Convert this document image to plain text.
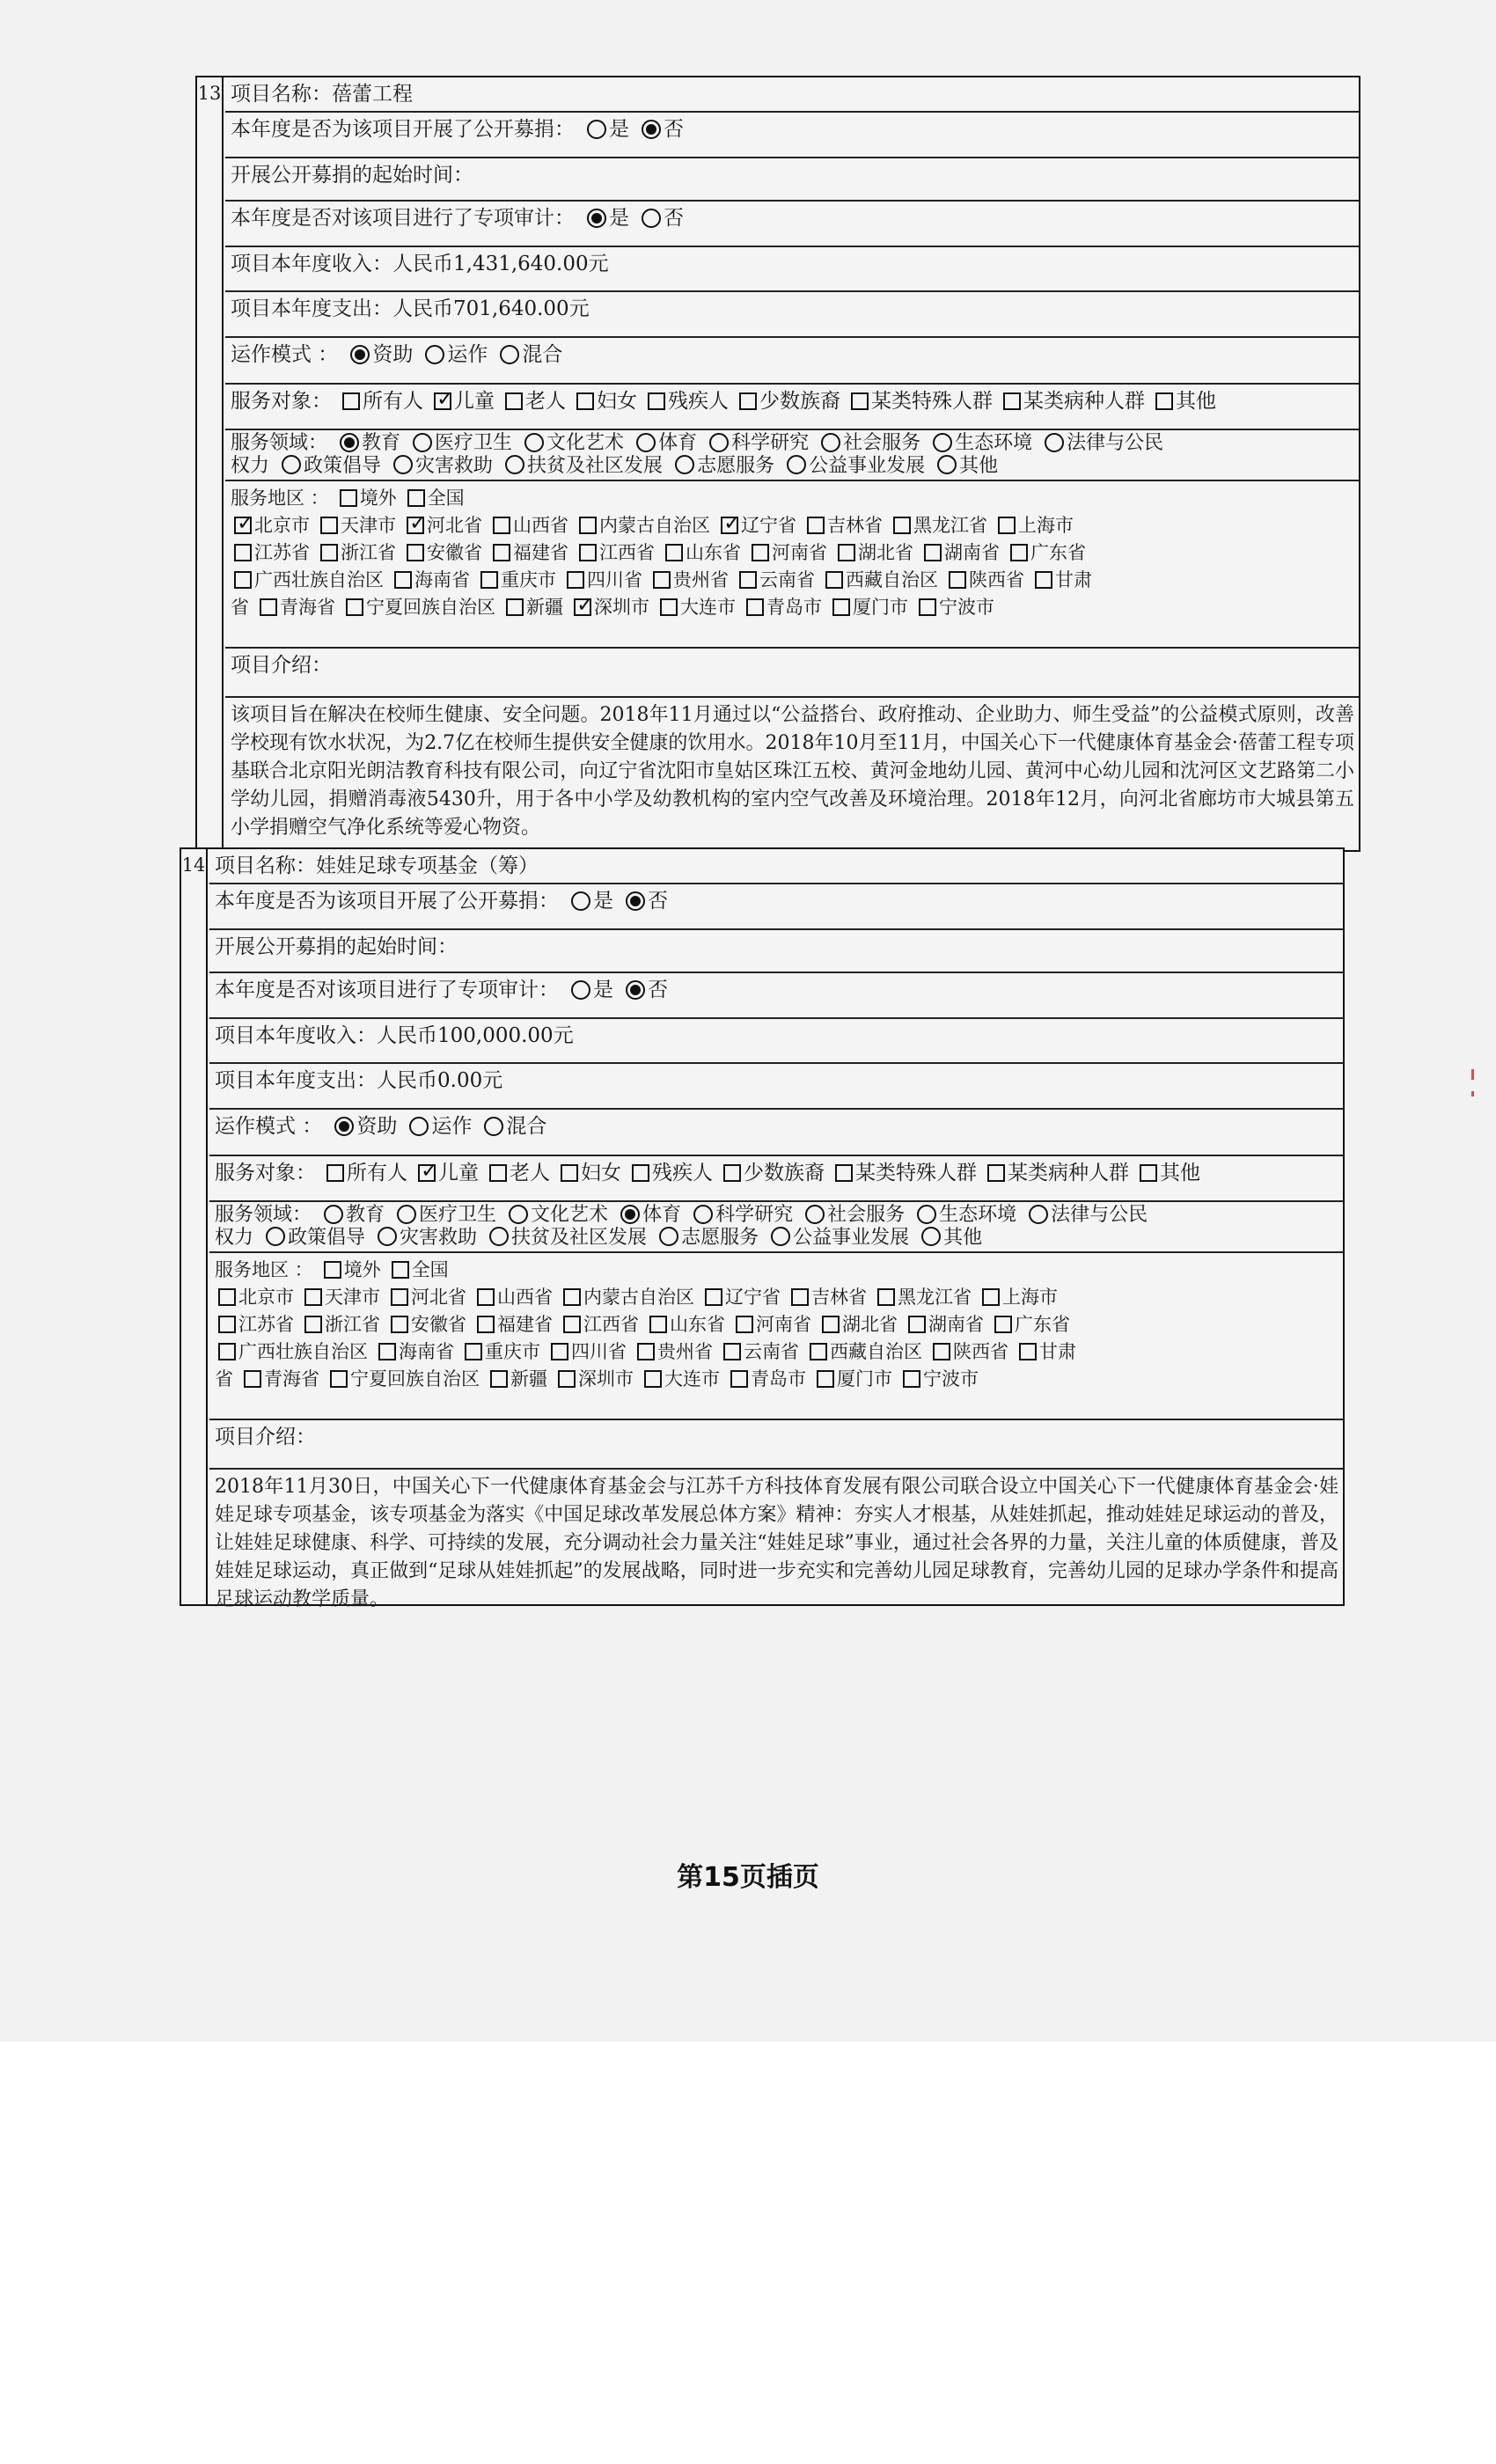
13 项目名称：蓓蕾工程
本年度是否为该项目开展了公开募捐： 是 否
开展公开募捐的起始时间：
本年度是否对该项目进行了专项审计： 是 否
项目本年度收入：人民币1,431,640.00元
项目本年度支出：人民币701,640.00元
运作模式 ： 资助 运作 混合
服务对象： 所有人 ✓ 儿童 老人 妇女 残疾人 少数族裔 某类特殊人群 某类病种人群 其他
服务领域： 教育 医疗卫生 文化艺术 体育 科学研究 社会服务 生态环境 法律与公民
权力 政策倡导 灾害救助 扶贫及社区发展 志愿服务 公益事业发展 其他
服务地区 ： 境外 全国
✓北京市 天津市 ✓ 河北省 山西省 内蒙古自治区 ✓ 辽宁省 吉林省 黑龙江省 上海市
江苏省 浙江省 安徽省 福建省 江西省 山东省 河南省 湖北省 湖南省 广东省
广西壮族自治区 海南省 重庆市 四川省 贵州省 云南省 西藏自治区 陕西省 甘肃
省 青海省 宁夏回族自治区 新疆 ✓ 深圳市 大连市 青岛市 厦门市 宁波市
项目介绍：
该项目旨在解决在校师生健康、安全问题。2018年11月通过以“公益搭台、政府推动、企业助力、师生受益”的公益模式原则，改善学校现有饮水状况，为2.7亿在校师生提供安全健康的饮用水。2018年10月至11月，中国关心下一代健康体育基金会·蓓蕾工程专项基联合北京阳光朗洁教育科技有限公司，向辽宁省沈阳市皇姑区珠江五校、黄河金地幼儿园、黄河中心幼儿园和沈河区文艺路第二小学幼儿园，捐赠消毒液5430升，用于各中小学及幼教机构的室内空气改善及环境治理。2018年12月，向河北省廊坊市大城县第五小学捐赠空气净化系统等爱心物资。
14 项目名称：娃娃足球专项基金（筹）
本年度是否为该项目开展了公开募捐： 是 否
开展公开募捐的起始时间：
本年度是否对该项目进行了专项审计： 是 否
项目本年度收入：人民币100,000.00元
项目本年度支出：人民币0.00元
运作模式 ： 资助 运作 混合
服务对象： 所有人 ✓ 儿童 老人 妇女 残疾人 少数族裔 某类特殊人群 某类病种人群 其他
服务领域： 教育 医疗卫生 文化艺术 体育 科学研究 社会服务 生态环境 法律与公民
权力 政策倡导 灾害救助 扶贫及社区发展 志愿服务 公益事业发展 其他
服务地区 ： 境外 全国
北京市 天津市 河北省 山西省 内蒙古自治区 辽宁省 吉林省 黑龙江省 上海市
江苏省 浙江省 安徽省 福建省 江西省 山东省 河南省 湖北省 湖南省 广东省
广西壮族自治区 海南省 重庆市 四川省 贵州省 云南省 西藏自治区 陕西省 甘肃
省 青海省 宁夏回族自治区 新疆 深圳市 大连市 青岛市 厦门市 宁波市
项目介绍：
2018年11月30日，中国关心下一代健康体育基金会与江苏千方科技体育发展有限公司联合设立中国关心下一代健康体育基金会·娃娃足球专项基金，该专项基金为落实《中国足球改革发展总体方案》精神：夯实人才根基，从娃娃抓起，推动娃娃足球运动的普及，让娃娃足球健康、科学、可持续的发展，充分调动社会力量关注“娃娃足球”事业，通过社会各界的力量，关注儿童的体质健康，普及娃娃足球运动，真正做到“足球从娃娃抓起”的发展战略，同时进一步充实和完善幼儿园足球教育，完善幼儿园的足球办学条件和提高足球运动教学质量。
第15页插页
